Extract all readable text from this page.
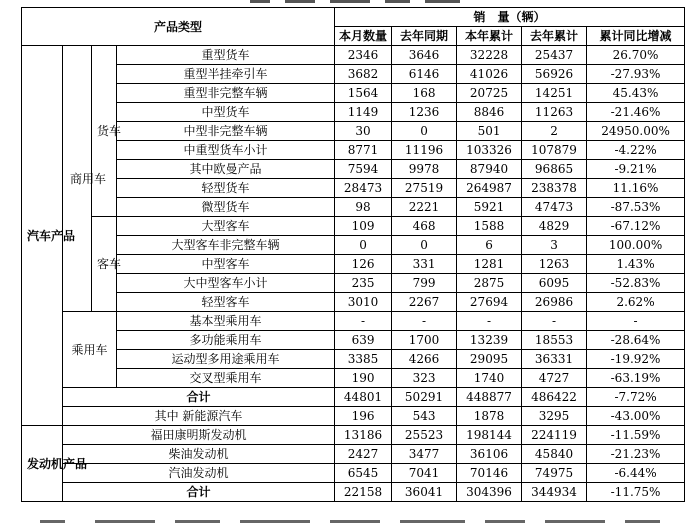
产品类型				销　量（辆）				
				本月数量	去年同期	本年累计	去年累计	累计同比增减

汽车产品	商用车	货车	重型货车	2346	3646	32228	25437	26.70%
			重型半挂牵引车	3682	6146	41026	56926	-27.93%
			重型非完整车辆	1564	168	20725	14251	45.43%
			中型货车	1149	1236	8846	11263	-21.46%
			中型非完整车辆	30	0	501	2	24950.00%
			中重型货车小计	8771	11196	103326	107879	-4.22%
			其中欧曼产品	7594	9978	87940	96865	-9.21%
			轻型货车	28473	27519	264987	238378	11.16%
			微型货车	98	2221	5921	47473	-87.53%

		客车	大型客车	109	468	1588	4829	-67.12%
			大型客车非完整车辆	0	0	6	3	100.00%
			中型客车	126	331	1281	1263	1.43%
			大中型客车小计	235	799	2875	6095	-52.83%
			轻型客车	3010	2267	27694	26986	2.62%
	乘用车		基本型乘用车	-	-	-	-	-
			多功能乘用车	639	1700	13239	18553	-28.64%
			运动型多用途乘用车	3385	4266	29095	36331	-19.92%
			交叉型乘用车	190	323	1740	4727	-63.19%
	合计			44801	50291	448877	486422	-7.72%
	其中 新能源汽车			196	543	1878	3295	-43.00%

发动机产品	福田康明斯发动机			13186	25523	198144	224119	-11.59%
	柴油发动机			2427	3477	36106	45840	-21.23%
	汽油发动机			6545	7041	70146	74975	-6.44%
	合计			22158	36041	304396	344934	-11.75%
